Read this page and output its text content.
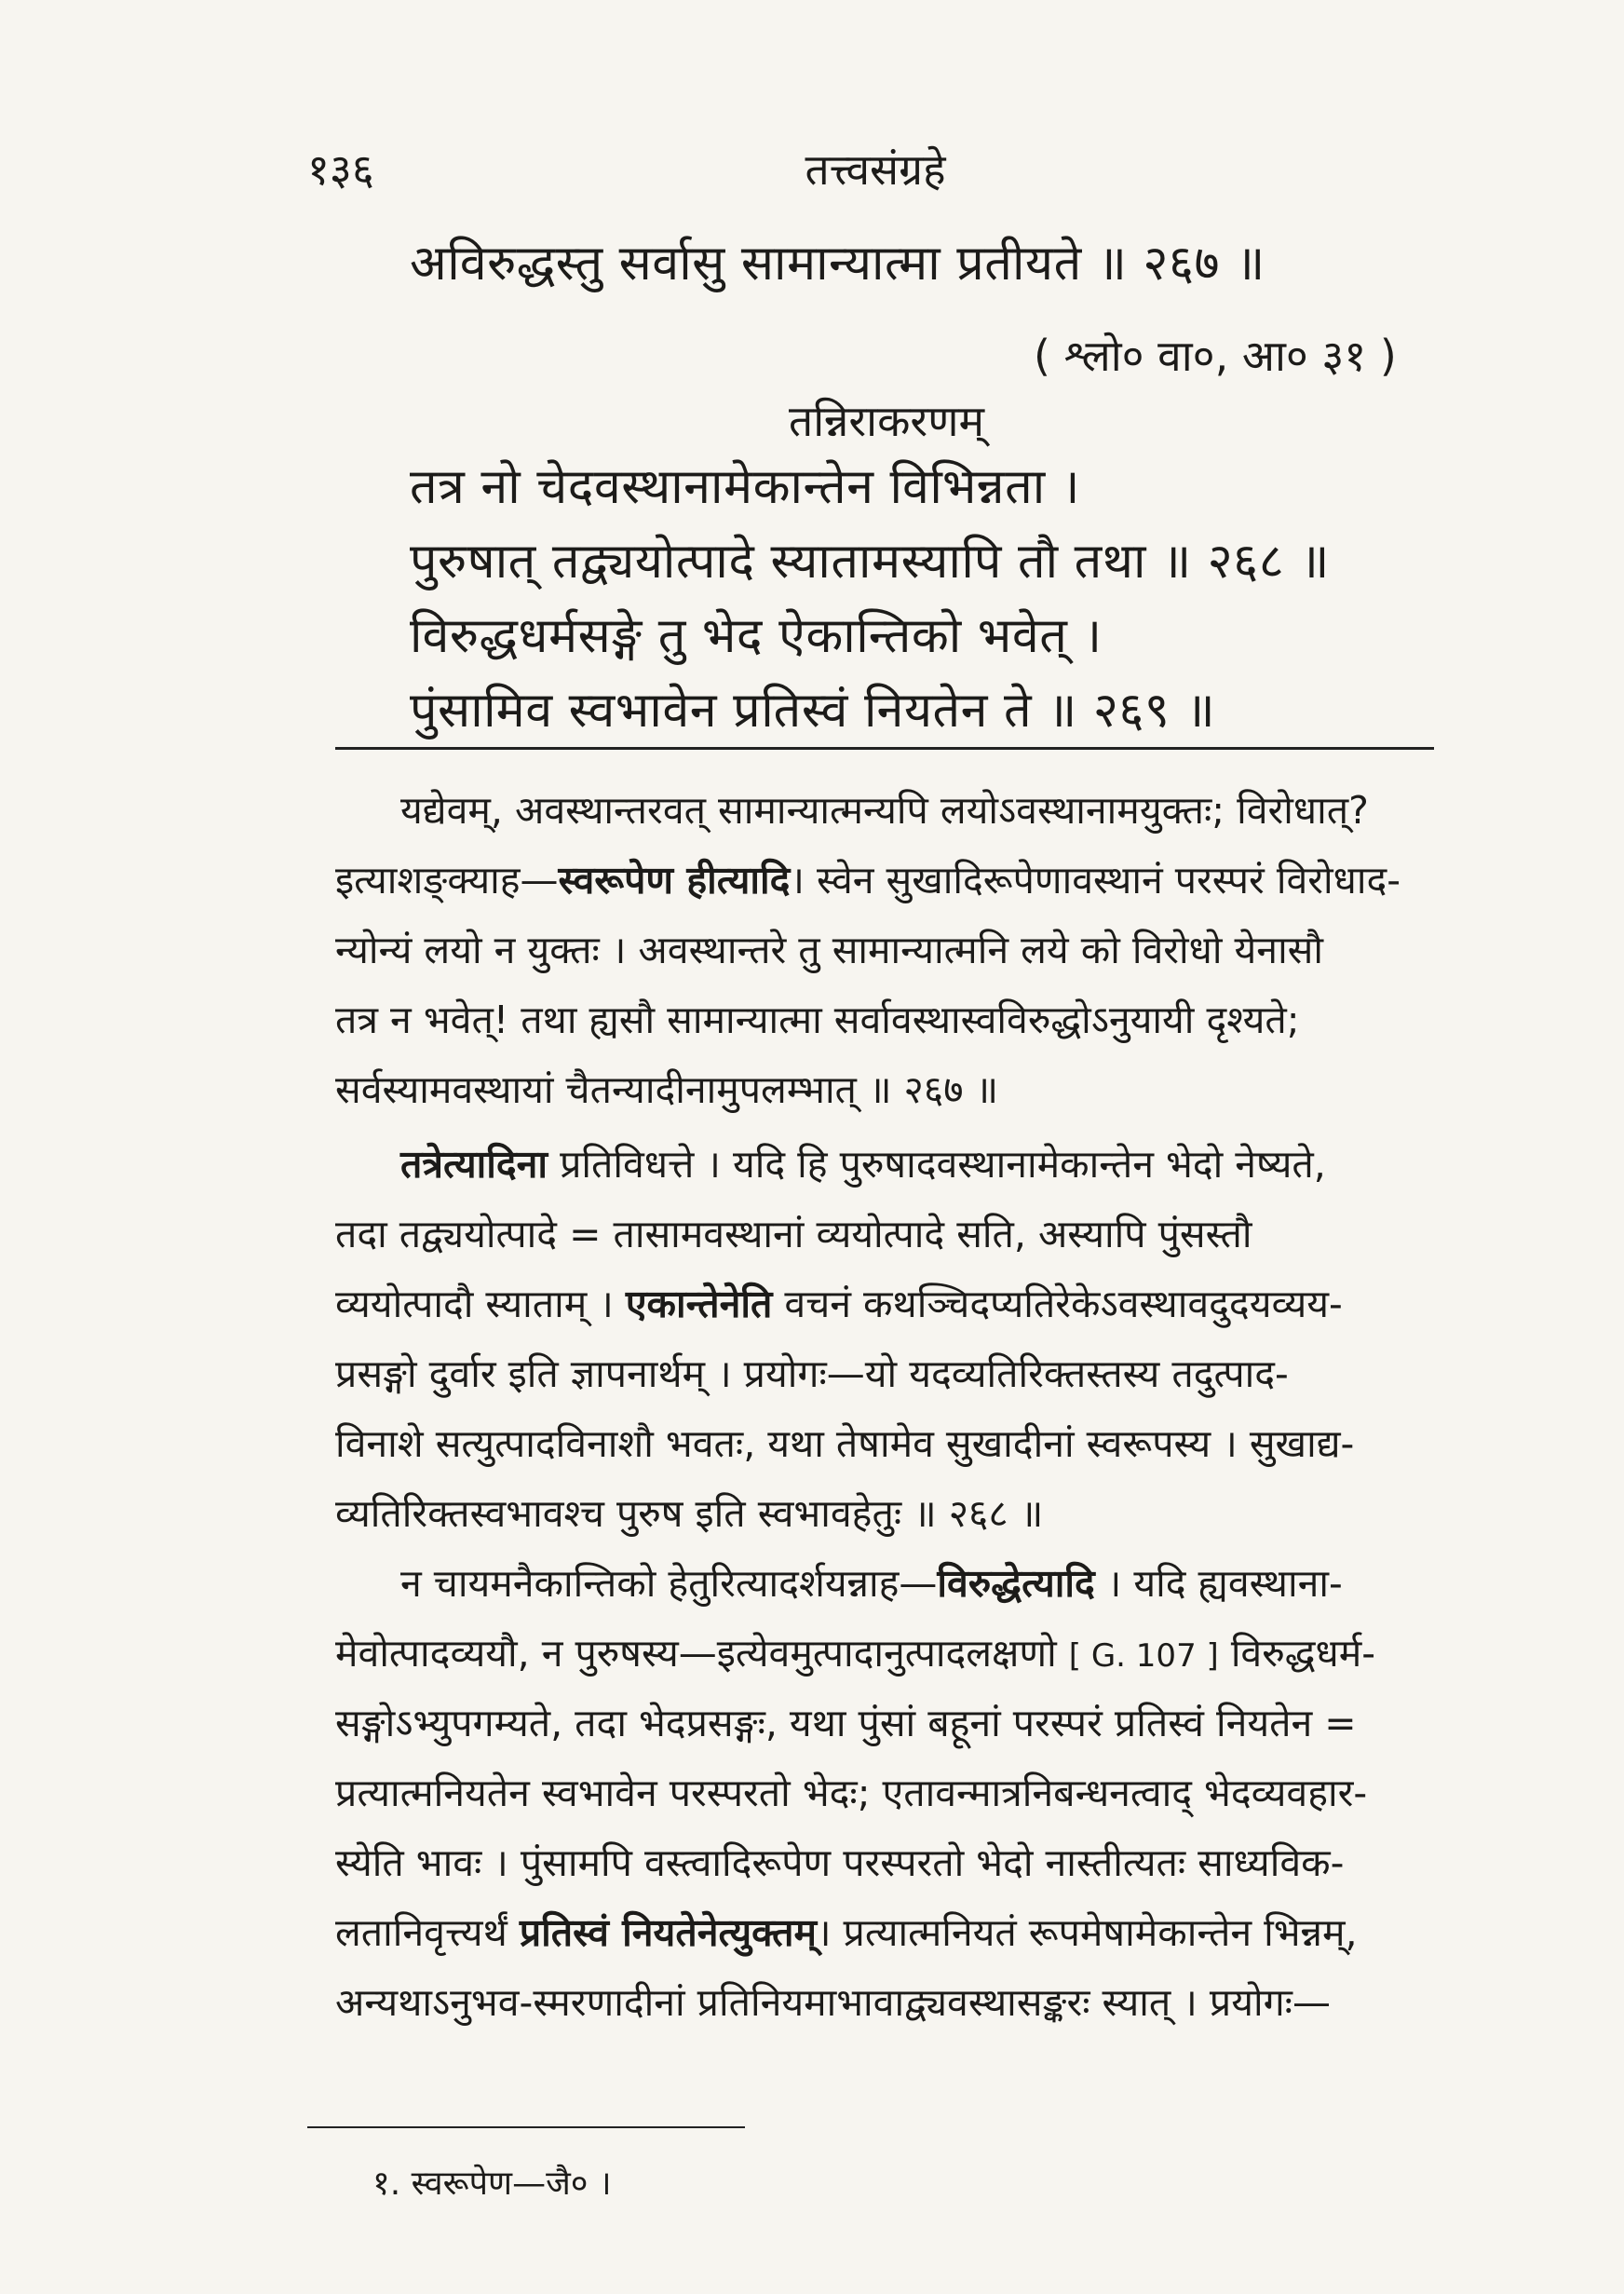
१३६	तत्त्वसंग्रहे
अविरुद्धस्तु सर्वासु सामान्यात्मा प्रतीयते ॥ २६७ ॥
( श्लो० वा०, आ० ३१ )
तन्निराकरणम्
तत्र नो चेदवस्थानामेकान्तेन विभिन्नता ।
पुरुषात् तद्व्ययोत्पादे स्यातामस्यापि तौ तथा ॥ २६८ ॥
विरुद्धधर्मसङ्गे तु भेद ऐकान्तिको भवेत् ।
पुंसामिव स्वभावेन प्रतिस्वं नियतेन ते ॥ २६९ ॥
यद्येवम्, अवस्थान्तरवत् सामान्यात्मन्यपि लयोऽवस्थानामयुक्तः; विरोधात्?
इत्याशङ्क्याह—स्वरूपेण हीत्यादि। स्वेन सुखादिरूपेणावस्थानं परस्परं विरोधाद-
न्योन्यं लयो न युक्तः । अवस्थान्तरे तु सामान्यात्मनि लये को विरोधो येनासौ
तत्र न भवेत्! तथा ह्यसौ सामान्यात्मा सर्वावस्थास्वविरुद्धोऽनुयायी दृश्यते;
सर्वस्यामवस्थायां चैतन्यादीनामुपलम्भात् ॥ २६७ ॥
तत्रेत्यादिना प्रतिविधत्ते । यदि हि पुरुषादवस्थानामेकान्तेन भेदो नेष्यते,
तदा तद्व्ययोत्पादे = तासामवस्थानां व्ययोत्पादे सति, अस्यापि पुंसस्तौ
व्ययोत्पादौ स्याताम् । एकान्तेनेति वचनं कथञ्चिदप्यतिरेकेऽवस्थावदुदयव्यय-
प्रसङ्गो दुर्वार इति ज्ञापनार्थम् । प्रयोगः—यो यदव्यतिरिक्तस्तस्य तदुत्पाद-
विनाशे सत्युत्पादविनाशौ भवतः, यथा तेषामेव सुखादीनां स्वरूपस्य । सुखाद्य-
व्यतिरिक्तस्वभावश्च पुरुष इति स्वभावहेतुः ॥ २६८ ॥
न चायमनैकान्तिको हेतुरित्यादर्शयन्नाह—विरुद्धेत्यादि । यदि ह्यवस्थाना-
मेवोत्पादव्ययौ, न पुरुषस्य—इत्येवमुत्पादानुत्पादलक्षणो [ G. 107 ] विरुद्धधर्म-
सङ्गोऽभ्युपगम्यते, तदा भेदप्रसङ्गः, यथा पुंसां बहूनां परस्परं प्रतिस्वं नियतेन =
प्रत्यात्मनियतेन स्वभावेन परस्परतो भेदः; एतावन्मात्रनिबन्धनत्वाद् भेदव्यवहार-
स्येति भावः । पुंसामपि वस्त्वादिरूपेण परस्परतो भेदो नास्तीत्यतः साध्यविक-
लतानिवृत्त्यर्थं प्रतिस्वं नियतेनेत्युक्तम्। प्रत्यात्मनियतं रूपमेषामेकान्तेन भिन्नम्,
अन्यथाऽनुभव-स्मरणादीनां प्रतिनियमाभावाद्व्यवस्थासङ्करः स्यात् । प्रयोगः—
१. स्वरूपेण—जै० ।
